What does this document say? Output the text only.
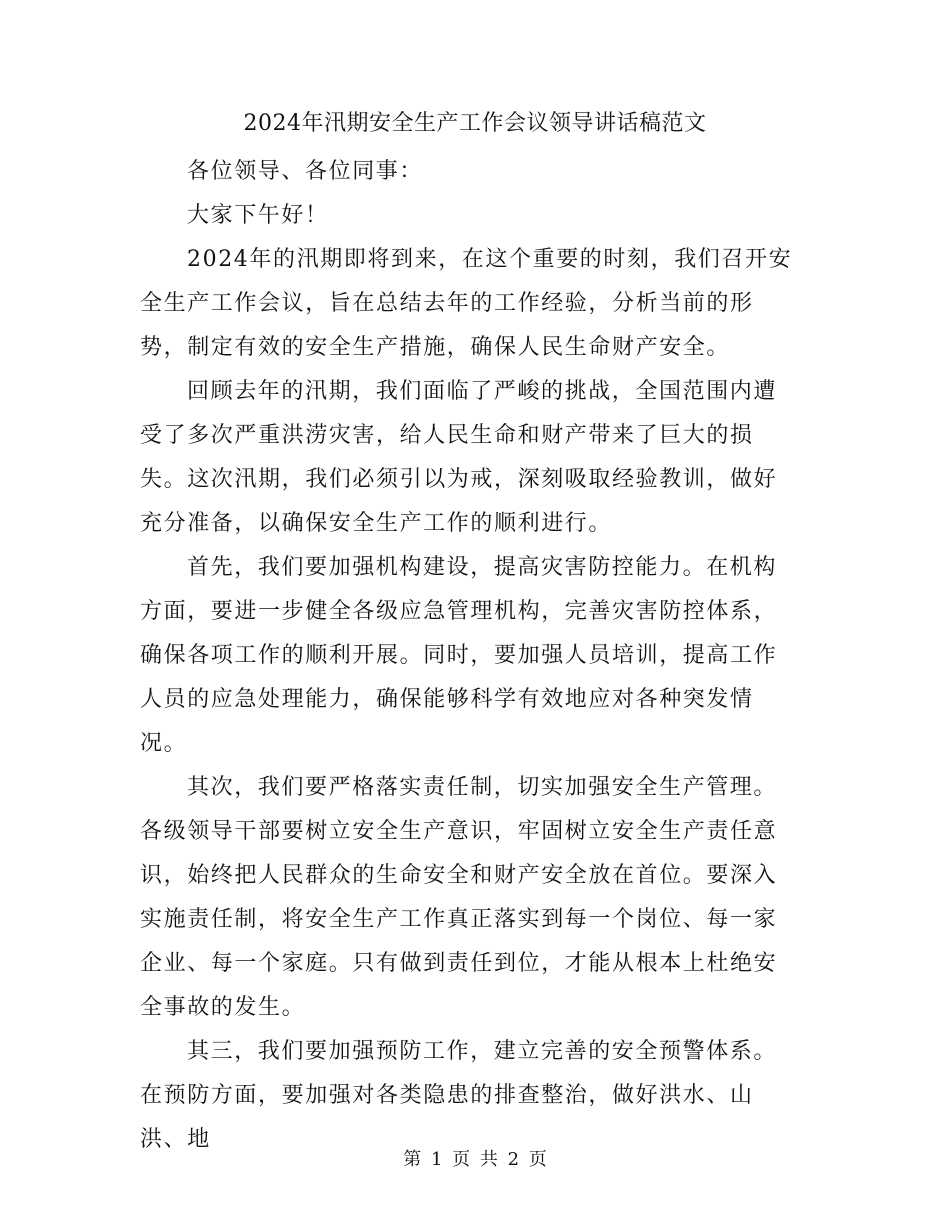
2024年汛期安全生产工作会议领导讲话稿范文

各位领导、各位同事：

大家下午好！

2024年的汛期即将到来，在这个重要的时刻，我们召开安全生产工作会议，旨在总结去年的工作经验，分析当前的形势，制定有效的安全生产措施，确保人民生命财产安全。

回顾去年的汛期，我们面临了严峻的挑战，全国范围内遭受了多次严重洪涝灾害，给人民生命和财产带来了巨大的损失。这次汛期，我们必须引以为戒，深刻吸取经验教训，做好充分准备，以确保安全生产工作的顺利进行。

首先，我们要加强机构建设，提高灾害防控能力。在机构方面，要进一步健全各级应急管理机构，完善灾害防控体系，确保各项工作的顺利开展。同时，要加强人员培训，提高工作人员的应急处理能力，确保能够科学有效地应对各种突发情况。

其次，我们要严格落实责任制，切实加强安全生产管理。各级领导干部要树立安全生产意识，牢固树立安全生产责任意识，始终把人民群众的生命安全和财产安全放在首位。要深入实施责任制，将安全生产工作真正落实到每一个岗位、每一家企业、每一个家庭。只有做到责任到位，才能从根本上杜绝安全事故的发生。

其三，我们要加强预防工作，建立完善的安全预警体系。在预防方面，要加强对各类隐患的排查整治，做好洪水、山洪、地

第 1 页 共 2 页
